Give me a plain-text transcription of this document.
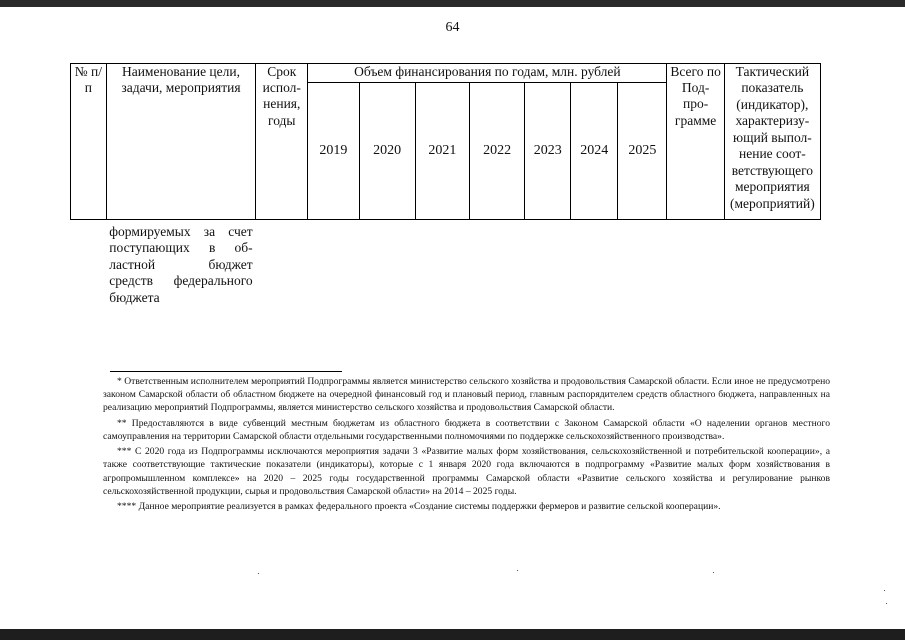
64
№ п/п	Наименование цели, задачи, мероприятия	Срок испол-нения, годы	Объем финансирования по годам, млн. рублей							Всего по Под-про-грамме	Тактический показатель (индикатор), характеризу-ющий выпол-нение соот-ветствующего мероприятия (мероприятий)
			2019	2020	2021	2022	2023	2024	2025		

	формируемых за счет
поступающих в об-
ластной бюджет
средств федерального
бюджета										

* Ответственным исполнителем мероприятий Подпрограммы является министерство сельского хозяйства и продовольствия Самарской области. Если иное не предусмотрено законом Самарской области об областном бюджете на очередной финансовый год и плановый период, главным распорядителем средств областного бюджета, направленных на реализацию мероприятий Подпрограммы, является министерство сельского хозяйства и продовольствия Самарской области.

** Предоставляются в виде субвенций местным бюджетам из областного бюджета в соответствии с Законом Самарской области «О наделении органов местного самоуправления на территории Самарской области отдельными государственными полномочиями по поддержке сельскохозяйственного производства».

*** С 2020 года из Подпрограммы исключаются мероприятия задачи 3 «Развитие малых форм хозяйствования, сельскохозяйственной и потребительской кооперации», а также соответствующие тактические показатели (индикаторы), которые с 1 января 2020 года включаются в подпрограмму «Развитие малых форм хозяйствования в агропромышленном комплексе» на 2020 – 2025 годы государственной программы Самарской области «Развитие сельского хозяйства и регулирование рынков сельскохозяйственной продукции, сырья и продовольствия Самарской области» на 2014 – 2025 годы.

**** Данное мероприятие реализуется в рамках федерального проекта «Создание системы поддержки фермеров и развитие сельской кооперации».
